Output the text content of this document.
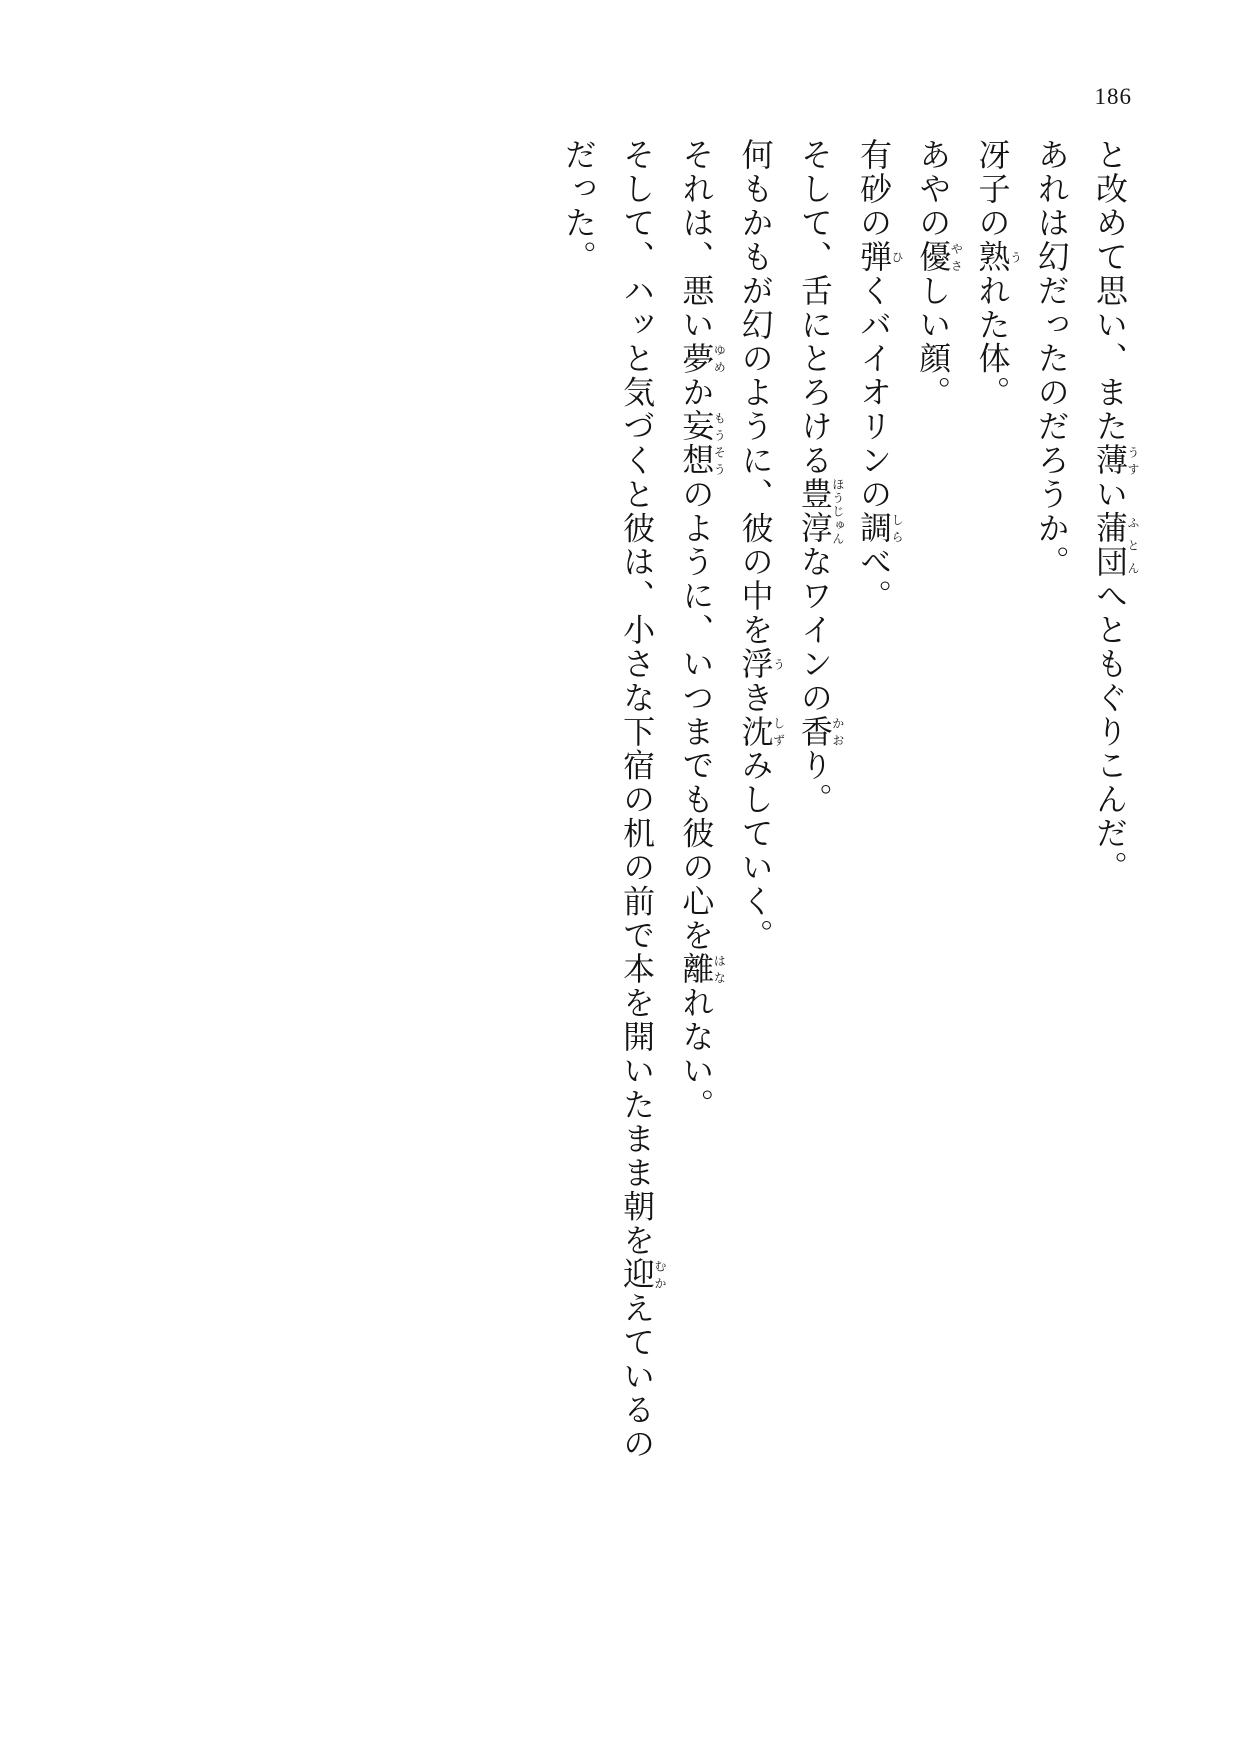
186
と改めて思い、また薄うすい蒲団ふとんへともぐりこんだ。
あれは幻だったのだろうか。
冴子の熟うれた体。
あやの優やさしい顔。
有砂の弾ひくバイオリンの調しらべ。
そして、舌にとろける豊淳ほうじゅんなワインの香かおり。
何もかもが幻のように、彼の中を浮うき沈しずみしていく。
それは、悪い夢ゆめか妄想もうそうのように、いつまでも彼の心を離はなれない。
そして、ハッと気づくと彼は、小さな下宿の机の前で本を開いたまま朝を迎むかえているの
だった。
